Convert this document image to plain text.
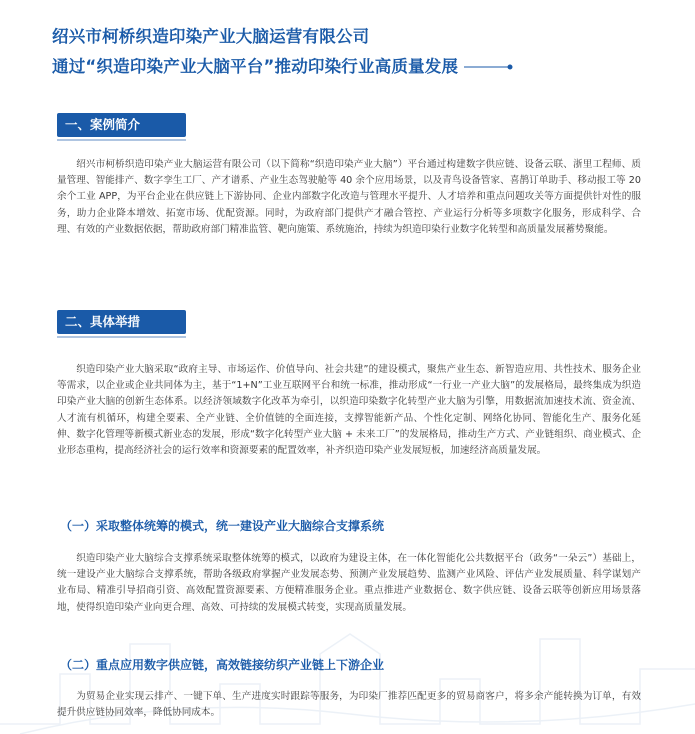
绍兴市柯桥织造印染产业大脑运营有限公司
通过“织造印染产业大脑平台”推动印染行业高质量发展
一、案例简介

绍兴市柯桥织造印染产业大脑运营有限公司（以下简称“织造印染产业大脑”）平台通过构建数字供应链、设备云联、浙里工程师、质量管理、智能排产、数字孪生工厂、产才谱系、产业生态驾驶舱等 40 余个应用场景，以及青鸟设备管家、喜鹊订单助手、移动报工等 20 余个工业 APP，为平台企业在供应链上下游协同、企业内部数字化改造与管理水平提升、人才培养和重点问题攻关等方面提供针对性的服务，助力企业降本增效、拓宽市场、优配资源。同时，为政府部门提供产才融合管控、产业运行分析等多项数字化服务，形成科学、合理、有效的产业数据依据，帮助政府部门精准监管、靶向施策、系统施治，持续为织造印染行业数字化转型和高质量发展蓄势聚能。

二、具体举措

织造印染产业大脑采取“政府主导、市场运作、价值导向、社会共建”的建设模式，聚焦产业生态、新智造应用、共性技术、服务企业等需求，以企业或企业共同体为主，基于“1+N”工业互联网平台和统一标准，推动形成“一行业一产业大脑”的发展格局，最终集成为织造印染产业大脑的创新生态体系。以经济领域数字化改革为牵引，以织造印染数字化转型产业大脑为引擎，用数据流加速技术流、资金流、人才流有机循环，构建全要素、全产业链、全价值链的全面连接，支撑智能新产品、个性化定制、网络化协同、智能化生产、服务化延伸、数字化管理等新模式新业态的发展，形成“数字化转型产业大脑 + 未来工厂”的发展格局，推动生产方式、产业链组织、商业模式、企业形态重构，提高经济社会的运行效率和资源要素的配置效率，补齐织造印染产业发展短板，加速经济高质量发展。

（一）采取整体统筹的模式，统一建设产业大脑综合支撑系统

织造印染产业大脑综合支撑系统采取整体统筹的模式，以政府为建设主体，在一体化智能化公共数据平台（政务“一朵云”）基础上，统一建设产业大脑综合支撑系统，帮助各级政府掌握产业发展态势、预测产业发展趋势、监测产业风险、评估产业发展质量、科学谋划产业布局、精准引导招商引资、高效配置资源要素、方便精准服务企业。重点推进产业数据仓、数字供应链、设备云联等创新应用场景落地，使得织造印染产业向更合理、高效、可持续的发展模式转变，实现高质量发展。

（二）重点应用数字供应链，高效链接纺织产业链上下游企业

为贸易企业实现云排产、一键下单、生产进度实时跟踪等服务，为印染厂推荐匹配更多的贸易商客户，将多余产能转换为订单，有效提升供应链协同效率，降低协同成本。
